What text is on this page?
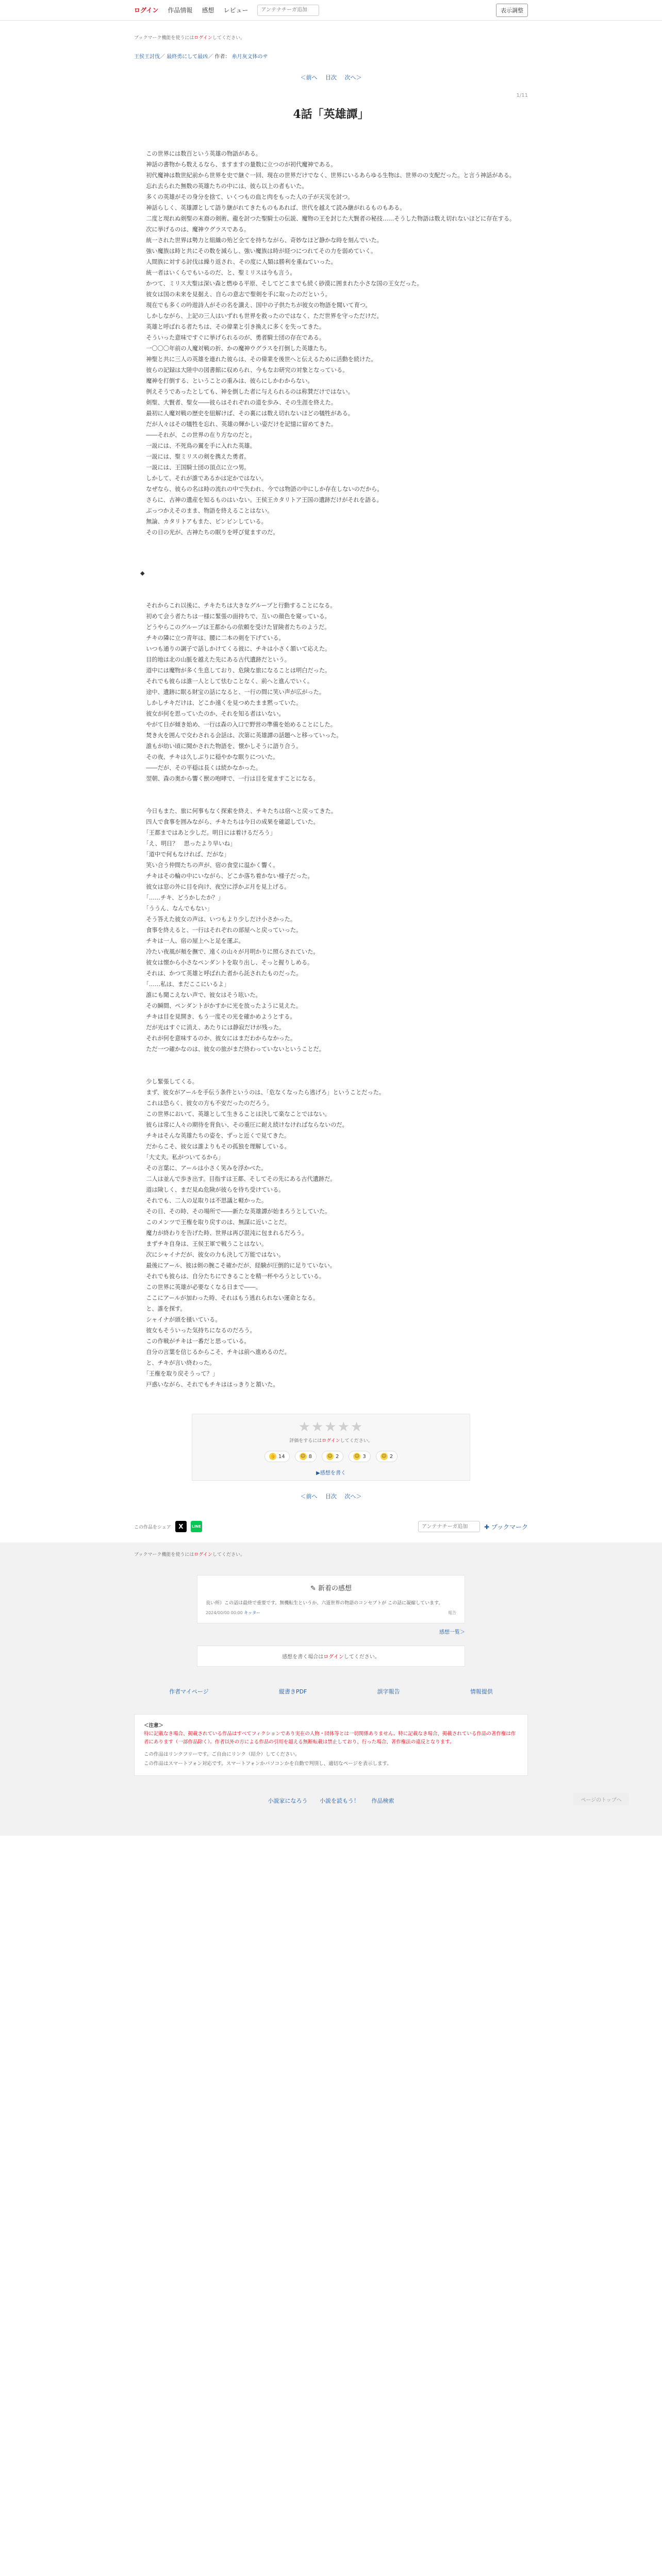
ログイン 作品情報 感想 レビュー
アンテナチーガ追加	表示調整
ブックマーク機能を使うにはログインしてください。
王侯王討伐／ 最終勇にして最凶／ 作者： 糸月灰文体のサ
＜前へ 目次 次へ＞
1/11
4話「英雄譚」

　この世界には数百という英雄の物語がある。

　神話の書物から数えるなら、ますますの量数に立つのが初代魔神である。

　初代魔神は数世紀前から世界を史で継ぐ一回、現在の世界だけでなく、世界にいるあらゆる生物は、世界のの支配だった。と言う神話がある。

　忘れ去られた無数の英雄たちの中には、彼ら以上の者もいた。

　多くの英雄がその身分を捨て、いくつもの血と肉をもった人の子が天災を討つ。

　神話らしく、英雄譚として語り継がれてきたものもあれば、世代を越えて読み継がれるものもある。

　二度と現れぬ剣聖の末裔の剣術、龍を討つた聖騎士の伝説、魔物の王を封じた大賢者の秘技……そうした物語は数え切れないほどに存在する。

　次に挙げるのは、魔神ウグラスである。

　統一された世界は勢力と組織の殆ど全てを持ちながら、奇妙なほど静かな時を刻んでいた。

　強い魔族は時と共にその数を減らし、強い魔族は時が経つにつれてその力を弱めていく。

　人間族に対する討伐は繰り返され、その度に人類は勝利を重ねていった。

　統一者はいくらでもいるのだ、と、聖ミリスは今も言う。

　かつて、ミリス大聖は深い森と燃ゆる平原、そしてどこまでも続く砂漠に囲まれた小さな国の王女だった。

　彼女は国の未来を見据え、自らの意志で聖剣を手に取ったのだという。

　現在でも多くの吟遊詩人がその名を讃え、国中の子供たちが彼女の物語を聞いて育つ。

　しかしながら、上記の三人はいずれも世界を救ったのではなく、ただ世界を守っただけだ。

　英雄と呼ばれる者たちは、その偉業と引き換えに多くを失ってきた。

　そういった意味ですぐに挙げられるのが、勇者騎士団の存在である。

　一〇〇〇年前の人魔対戦の折、かの魔神ウグラスを打倒した英雄たち。

　神聖と共に三人の英雄を連れた彼らは、その偉業を後世へと伝えるために活動を続けた。

　彼らの記録は大陸中の図書館に収められ、今もなお研究の対象となっている。

　魔神を打倒する、ということの重みは、彼らにしかわからない。

　例えそうであったとしても、神を倒した者に与えられるのは称賛だけではない。

　剣聖、大賢者、聖女――彼らはそれぞれの道を歩み、その生涯を終えた。

　最初に人魔対戦の歴史を紐解けば、その裏には数え切れないほどの犠牲がある。

　だが人々はその犠牲を忘れ、英雄の輝かしい姿だけを記憶に留めてきた。

　――それが、この世界の在り方なのだと。

　一説には、不死鳥の翼を手に入れた英雄。

　一説には、聖ミリスの剣を携えた勇者。

　一説には、王国騎士団の頂点に立つ男。

　しかして、それが誰であるかは定かではない。

　なぜなら、彼らの名は時の流れの中で失われ、今では物語の中にしか存在しないのだから。

　さらに、古神の遺産を知るものはいない。王侯王カタリトア王国の遺跡だけがそれを語る。

　ぶっつかえそのまま、物語を終えることはない。

　無論、カタリトアもまた、ビンビンしている。

　その日の光が、古神たちの眠りを呼び覚ますのだ。

◆

　それからこれ以後に、チキたちは大きなグループと行動することになる。

　初めて会う者たちは一様に緊張の面持ちで、互いの顔色を窺っている。

　どうやらこのグループは王都からの依頼を受けた冒険者たちのようだ。

　チキの隣に立つ青年は、腰に二本の剣を下げている。

　いつも通りの調子で話しかけてくる彼に、チキは小さく頷いて応えた。

　目的地は北の山脈を越えた先にある古代遺跡だという。

　道中には魔物が多く生息しており、危険な旅になることは明白だった。

　それでも彼らは誰一人として怯むことなく、前へと進んでいく。

　途中、遺跡に眠る財宝の話になると、一行の間に笑い声が広がった。

　しかしチキだけは、どこか遠くを見つめたまま黙っていた。

　彼女が何を思っていたのか、それを知る者はいない。

　やがて日が傾き始め、一行は森の入口で野営の準備を始めることにした。

　焚き火を囲んで交わされる会話は、次第に英雄譚の話題へと移っていった。

　誰もが幼い頃に聞かされた物語を、懐かしそうに語り合う。

　その夜、チキは久しぶりに穏やかな眠りについた。

　――だが、その平穏は長くは続かなかった。

　翌朝、森の奥から響く獣の咆哮で、一行は目を覚ますことになる。

　今日もまた、旅に何事もなく探索を終え、チキたちは宿へと戻ってきた。

　四人で食事を囲みながら、チキたちは今日の成果を確認していた。

　「王都まではあと少しだ。明日には着けるだろう」

　「え、明日？　思ったより早いね」

　「道中で何もなければ、だがな」

　笑い合う仲間たちの声が、宿の食堂に温かく響く。

　チキはその輪の中にいながら、どこか落ち着かない様子だった。

　彼女は窓の外に目を向け、夜空に浮かぶ月を見上げる。

　「……チキ、どうかしたか？」

　「ううん、なんでもない」

　そう答えた彼女の声は、いつもより少しだけ小さかった。

　食事を終えると、一行はそれぞれの部屋へと戻っていった。

　チキは一人、宿の屋上へと足を運ぶ。

　冷たい夜風が頬を撫で、遠くの山々が月明かりに照らされていた。

　彼女は懐から小さなペンダントを取り出し、そっと握りしめる。

　それは、かつて英雄と呼ばれた者から託されたものだった。

　「……私は、まだここにいるよ」

　誰にも聞こえない声で、彼女はそう呟いた。

　その瞬間、ペンダントがかすかに光を放ったように見えた。

　チキは目を見開き、もう一度その光を確かめようとする。

　だが光はすぐに消え、あたりには静寂だけが残った。

　それが何を意味するのか、彼女にはまだわからなかった。

　ただ一つ確かなのは、彼女の旅がまだ終わっていないということだ。

　少し緊張してくる。

　まず、彼女がアールを手伝う条件というのは、「危なくなったら逃げろ」ということだった。

　これは恐らく、彼女の方も不安だったのだろう。

　この世界において、英雄として生きることは決して楽なことではない。

　彼らは常に人々の期待を背負い、その重圧に耐え続けなければならないのだ。

　チキはそんな英雄たちの姿を、ずっと近くで見てきた。

　だからこそ、彼女は誰よりもその孤独を理解している。

　「大丈夫。私がついてるから」

　その言葉に、アールは小さく笑みを浮かべた。

　二人は並んで歩き出す。目指すは王都、そしてその先にある古代遺跡だ。

　道は険しく、まだ見ぬ危険が彼らを待ち受けている。

　それでも、二人の足取りは不思議と軽かった。

　その日、その時、その場所で――新たな英雄譚が始まろうとしていた。

　このメンツで王権を取り戻すのは、無謀に近いことだ。

　魔力が終わりを告げた時、世界は再び混沌に包まれるだろう。

　まずチキ自身は、王侯王軍で戦うことはない。

　次にシャイナだが、彼女の力も決して万能ではない。

　最後にアール、彼は剣の腕こそ確かだが、経験が圧倒的に足りていない。

　それでも彼らは、自分たちにできることを精一杯やろうとしている。

　この世界に英雄が必要なくなる日まで――。

　ここにアールが加わった時、それはもう逃れられない運命となる。

　と、誰を探す。

　シャイナが頭を掻いている。

　彼女もそういった気持ちになるのだろう。

　この作戦がチキは一番だと思っている。

　自分の言葉を信じるからこそ、チキは前へ進めるのだ。

　と、チキが言い終わった。

　「王権を取り戻そうって？」

　戸惑いながら、それでもチキははっきりと頷いた。

★★★★★
評価をするにはログインしてください。
👍 14	☺ 8	☺ 2	☺ 3	☺ 2
▶感想を書く
＜前へ 目次 次へ＞
この作品をシェア	X	LINE
アンテナチーガ追加	✚ ブックマーク
ページのトップへ
ブックマーク機能を使うにはログインしてください。
✎ 新着の感想
良い所）この話は最終で重要です。無機転生というか、六道世界の物語のコンセプトが この話に凝縮しています。
2024/00/00 00:00 キッター	報告
感想一覧＞
感想を書く場合はログインしてください。
作者マイページ	縦書きPDF	誤字報告	情報提供
＜注意＞
特に記載なき場合、掲載されている作品はすべてフィクションであり実在の人物・団体等とは一切関係ありません。特に記載なき場合、掲載されている作品の著作権は作者にあります（一部作品除く）。作者以外の方による作品の引用を超える無断転載は禁止しており、行った場合、著作権法の違反となります。
この作品はリンクフリーです。ご自由にリンク（紹介）してください。
この作品はスマートフォン対応です。スマートフォンかパソコンかを自動で判別し、適切なページを表示します。
小説家になろう 小説を読もう！ 作品検索
